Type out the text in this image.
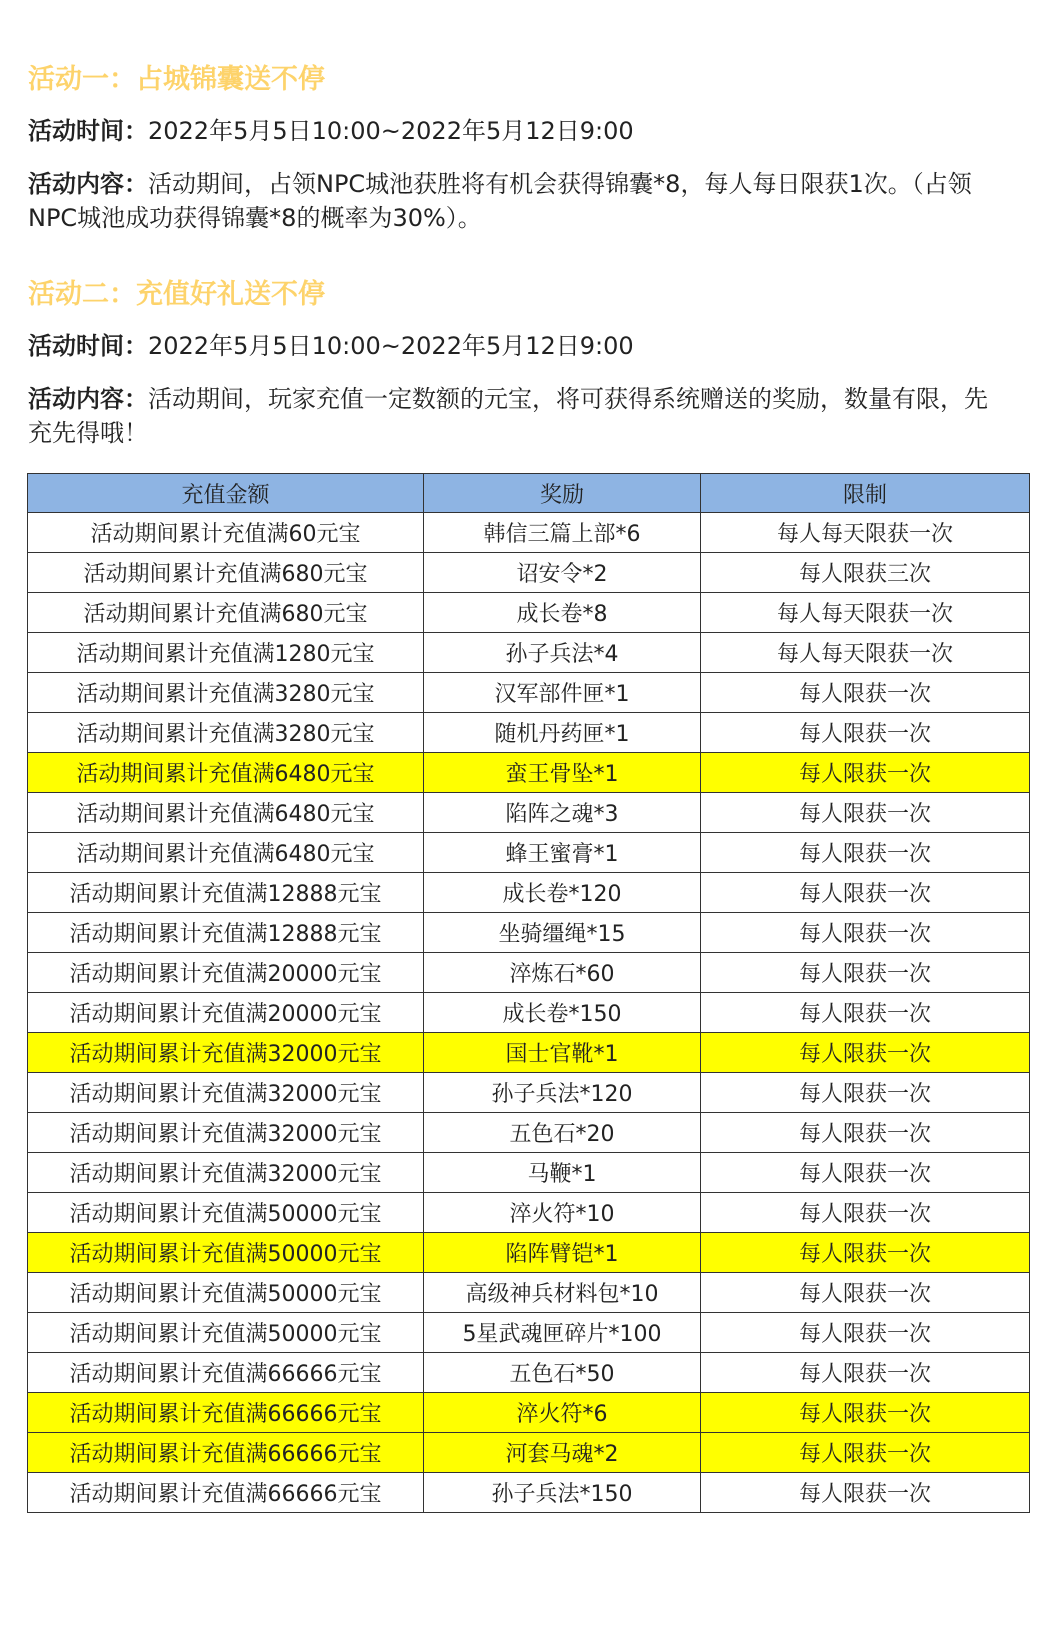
活动一：占城锦囊送不停
活动时间：2022年5月5日10:00~2022年5月12日9:00
活动内容：活动期间，占领NPC城池获胜将有机会获得锦囊*8，每人每日限获1次。（占领NPC城池成功获得锦囊*8的概率为30%）。
活动二：充值好礼送不停
活动时间：2022年5月5日10:00~2022年5月12日9:00
活动内容：活动期间，玩家充值一定数额的元宝，将可获得系统赠送的奖励，数量有限，先充先得哦！
充值金额	奖励	限制
活动期间累计充值满60元宝	韩信三篇上部*6	每人每天限获一次
活动期间累计充值满680元宝	诏安令*2	每人限获三次
活动期间累计充值满680元宝	成长卷*8	每人每天限获一次
活动期间累计充值满1280元宝	孙子兵法*4	每人每天限获一次
活动期间累计充值满3280元宝	汉军部件匣*1	每人限获一次
活动期间累计充值满3280元宝	随机丹药匣*1	每人限获一次
活动期间累计充值满6480元宝	蛮王骨坠*1	每人限获一次
活动期间累计充值满6480元宝	陷阵之魂*3	每人限获一次
活动期间累计充值满6480元宝	蜂王蜜膏*1	每人限获一次
活动期间累计充值满12888元宝	成长卷*120	每人限获一次
活动期间累计充值满12888元宝	坐骑缰绳*15	每人限获一次
活动期间累计充值满20000元宝	淬炼石*60	每人限获一次
活动期间累计充值满20000元宝	成长卷*150	每人限获一次
活动期间累计充值满32000元宝	国士官靴*1	每人限获一次
活动期间累计充值满32000元宝	孙子兵法*120	每人限获一次
活动期间累计充值满32000元宝	五色石*20	每人限获一次
活动期间累计充值满32000元宝	马鞭*1	每人限获一次
活动期间累计充值满50000元宝	淬火符*10	每人限获一次
活动期间累计充值满50000元宝	陷阵臂铠*1	每人限获一次
活动期间累计充值满50000元宝	高级神兵材料包*10	每人限获一次
活动期间累计充值满50000元宝	5星武魂匣碎片*100	每人限获一次
活动期间累计充值满66666元宝	五色石*50	每人限获一次
活动期间累计充值满66666元宝	淬火符*6	每人限获一次
活动期间累计充值满66666元宝	河套马魂*2	每人限获一次
活动期间累计充值满66666元宝	孙子兵法*150	每人限获一次
